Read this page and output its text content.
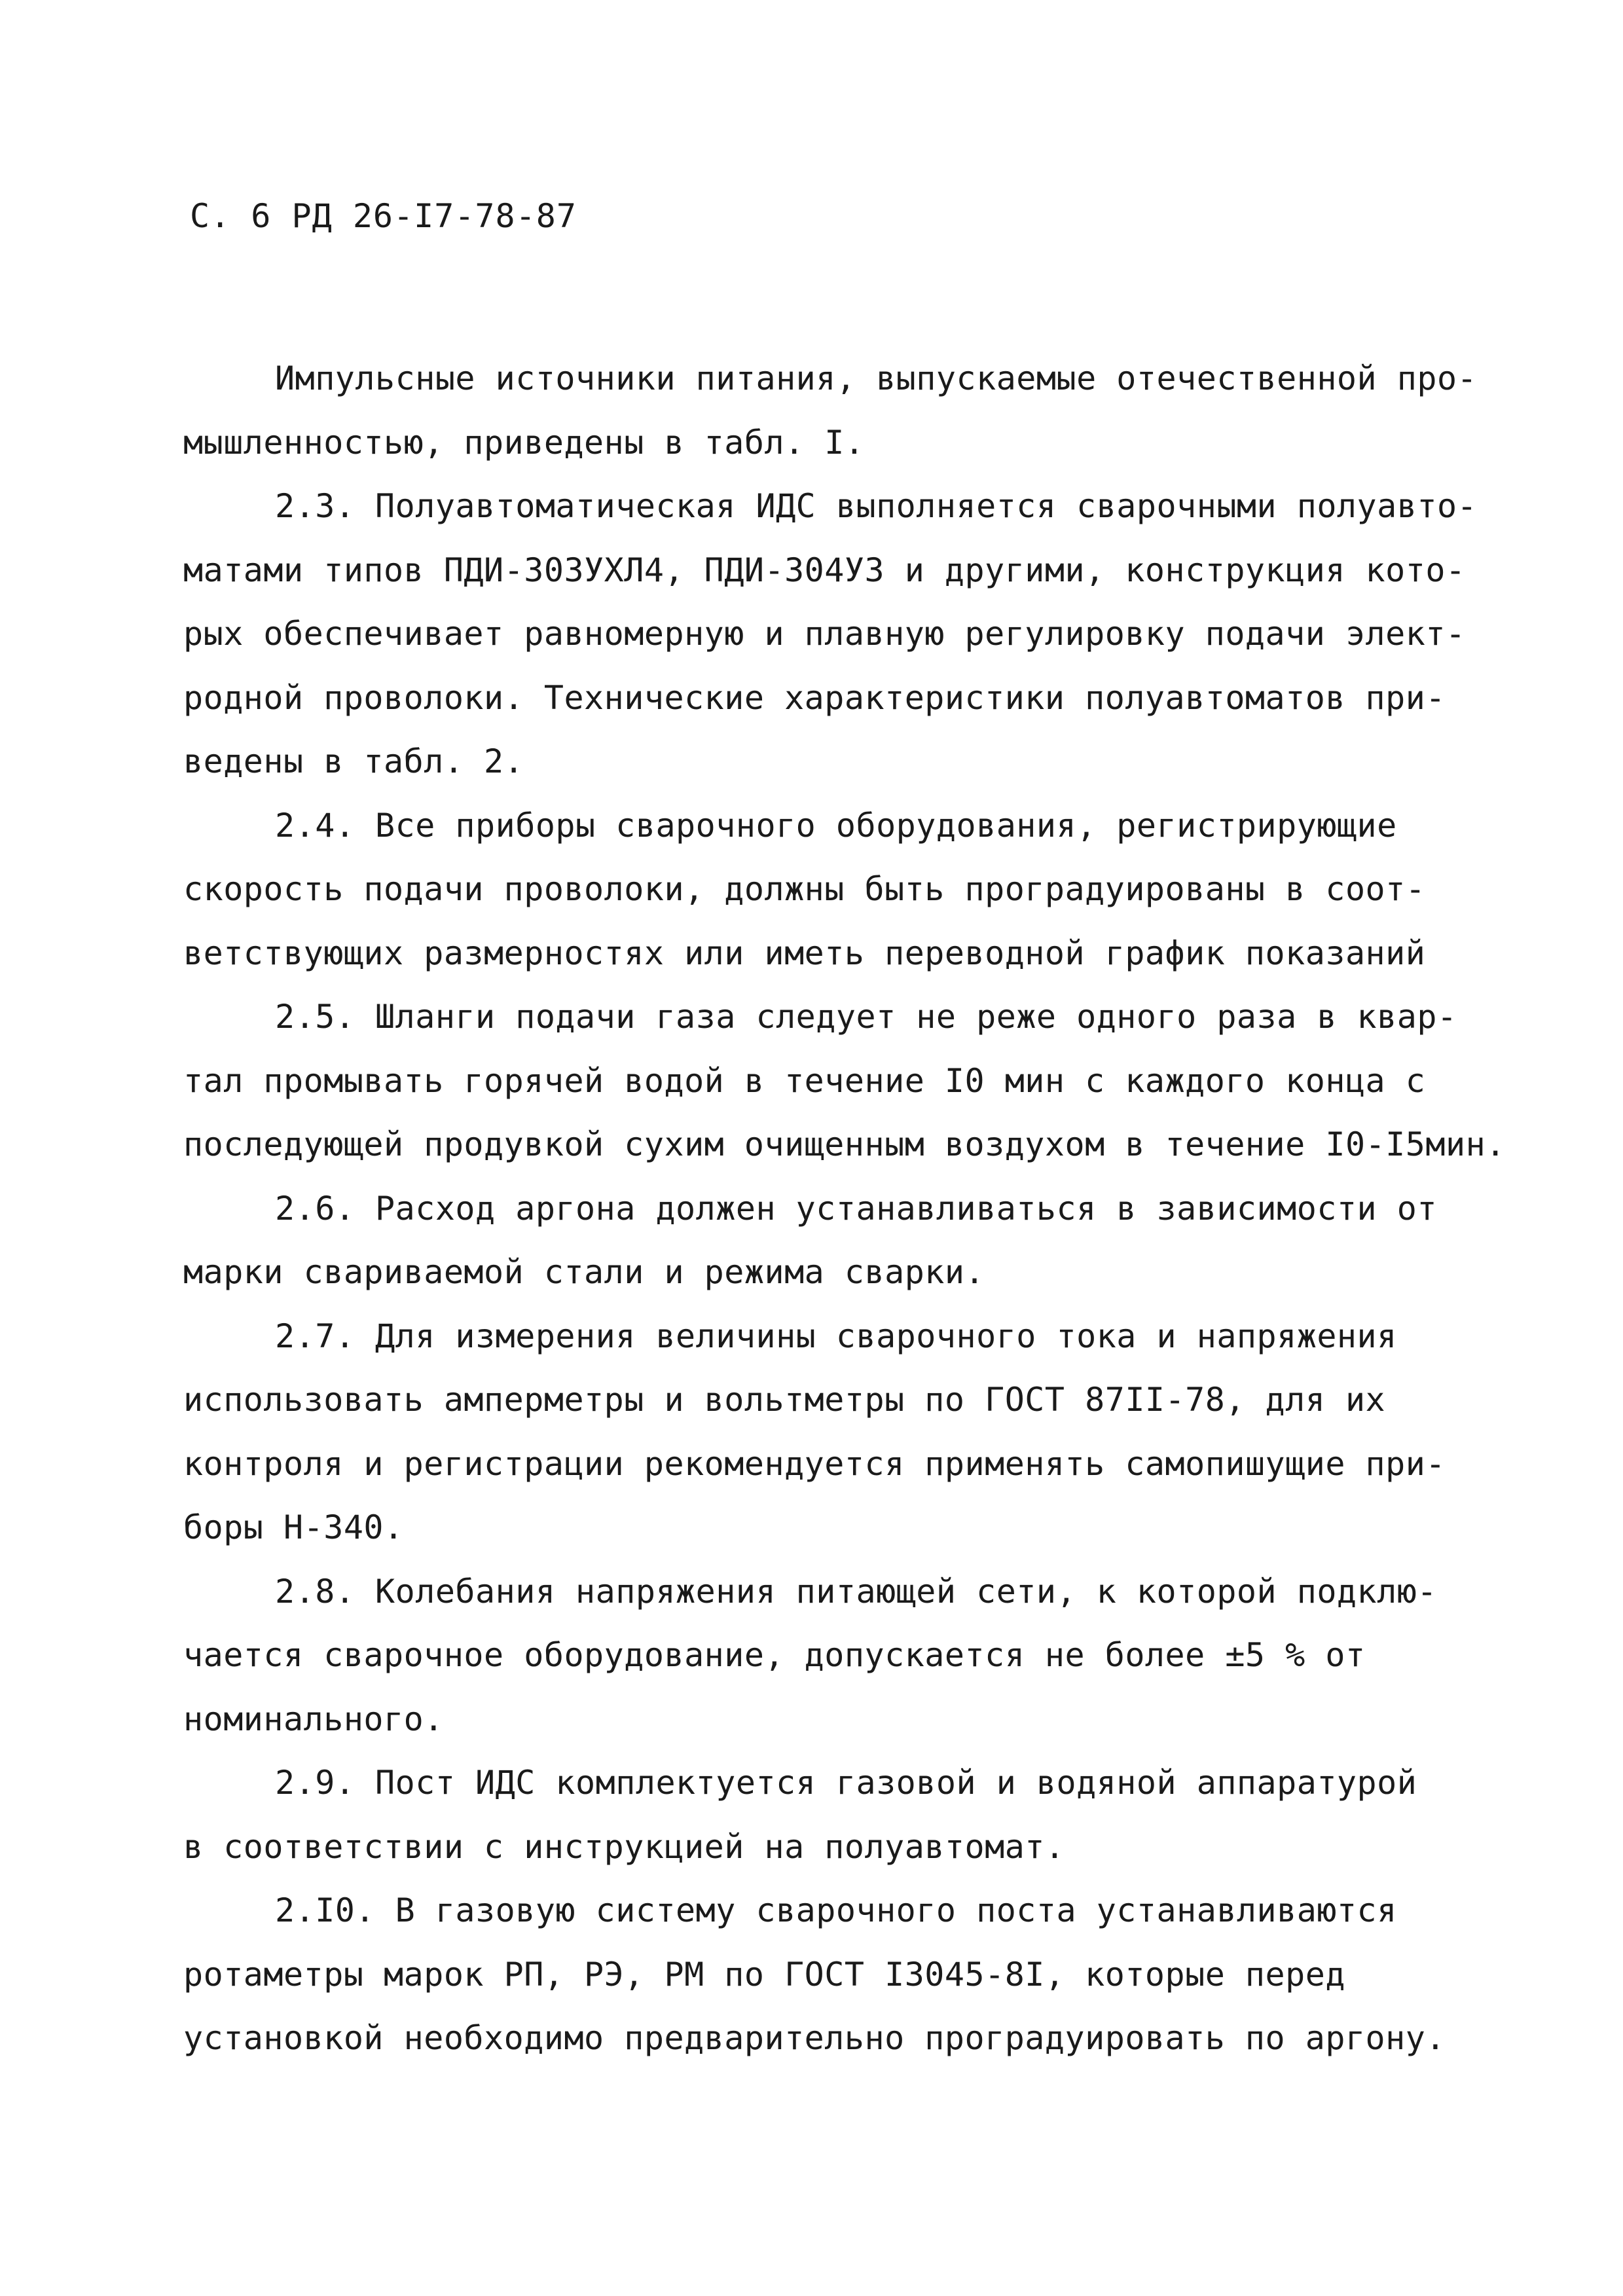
С. 6 РД 26-I7-78-87
Импульсные источники питания, выпускаемые отечественной про-
мышленностью, приведены в табл. I.
2.3. Полуавтоматическая ИДС выполняется сварочными полуавто-
матами типов ПДИ-303УХЛ4, ПДИ-304УЗ и другими, конструкция кото-
рых обеспечивает равномерную и плавную регулировку подачи элект-
родной проволоки. Технические характеристики полуавтоматов при-
ведены в табл. 2.
2.4. Все приборы сварочного оборудования, регистрирующие
скорость подачи проволоки, должны быть проградуированы в соот-
ветствующих размерностях или иметь переводной график показаний
2.5. Шланги подачи газа следует не реже одного раза в квар-
тал промывать горячей водой в течение I0 мин с каждого конца с
последующей продувкой сухим очищенным воздухом в течение I0-I5мин.
2.6. Расход аргона должен устанавливаться в зависимости от
марки свариваемой стали и режима сварки.
2.7. Для измерения величины сварочного тока и напряжения
использовать амперметры и вольтметры по ГОСТ 87II-78, для их
контроля и регистрации рекомендуется применять самопишущие при-
боры Н-340.
2.8. Колебания напряжения питающей сети, к которой подклю-
чается сварочное оборудование, допускается не более ±5 % от
номинального.
2.9. Пост ИДС комплектуется газовой и водяной аппаратурой
в соответствии с инструкцией на полуавтомат.
2.I0. В газовую систему сварочного поста устанавливаются
ротаметры марок РП, РЭ, РМ по ГОСТ I3045-8I, которые перед
установкой необходимо предварительно проградуировать по аргону.
